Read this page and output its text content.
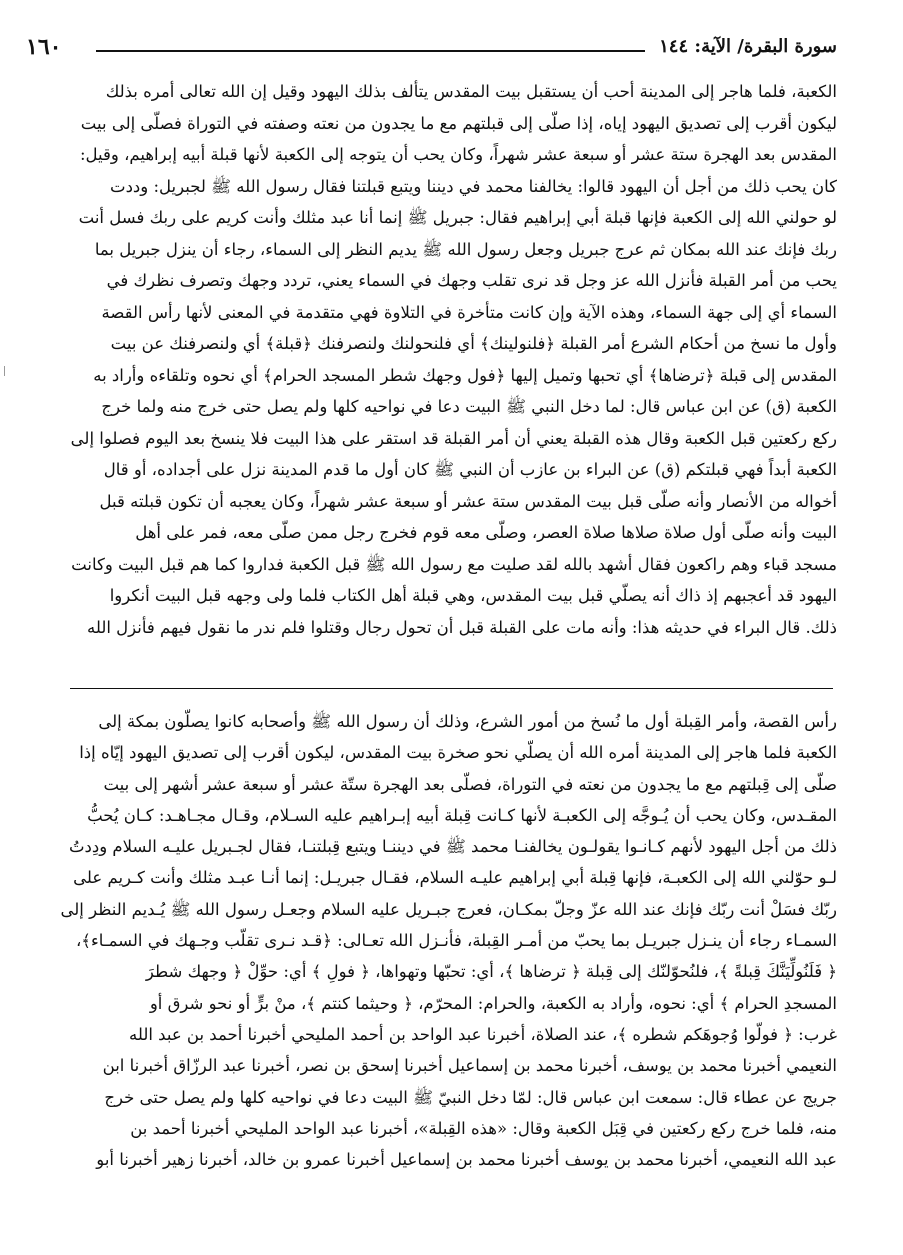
١٦٠	سورة البقرة/ الآية: ١٤٤
الكعبة، فلما هاجر إلى المدينة أحب أن يستقبل بيت المقدس يتألف بذلك اليهود وقيل إن الله تعالى أمره بذلك
ليكون أقرب إلى تصديق اليهود إياه، إذا صلّى إلى قبلتهم مع ما يجدون من نعته وصفته في التوراة فصلّى إلى بيت
المقدس بعد الهجرة ستة عشر أو سبعة عشر شهراً، وكان يحب أن يتوجه إلى الكعبة لأنها قبلة أبيه إبراهيم، وقيل:
كان يحب ذلك من أجل أن اليهود قالوا: يخالفنا محمد في ديننا ويتبع قبلتنا فقال رسول الله ﷺ لجبريل: وددت
لو حولني الله إلى الكعبة فإنها قبلة أبي إبراهيم فقال: جبريل ﷺ إنما أنا عبد مثلك وأنت كريم على ربك فسل أنت
ربك فإنك عند الله بمكان ثم عرج جبريل وجعل رسول الله ﷺ يديم النظر إلى السماء، رجاء أن ينزل جبريل بما
يحب من أمر القبلة فأنزل الله عز وجل قد نرى تقلب وجهك في السماء يعني، تردد وجهك وتصرف نظرك في
السماء أي إلى جهة السماء، وهذه الآية وإن كانت متأخرة في التلاوة فهي متقدمة في المعنى لأنها رأس القصة
وأول ما نسخ من أحكام الشرع أمر القبلة ﴿فلنولينك﴾ أي فلنحولنك ولنصرفنك ﴿قبلة﴾ أي ولنصرفنك عن بيت
المقدس إلى قبلة ﴿ترضاها﴾ أي تحبها وتميل إليها ﴿فول وجهك شطر المسجد الحرام﴾ أي نحوه وتلقاءه وأراد به
الكعبة (ق) عن ابن عباس قال: لما دخل النبي ﷺ البيت دعا في نواحيه كلها ولم يصل حتى خرج منه ولما خرج
ركع ركعتين قبل الكعبة وقال هذه القبلة يعني أن أمر القبلة قد استقر على هذا البيت فلا ينسخ بعد اليوم فصلوا إلى
الكعبة أبداً فهي قبلتكم (ق) عن البراء بن عازب أن النبي ﷺ كان أول ما قدم المدينة نزل على أجداده، أو قال
أخواله من الأنصار وأنه صلّى قبل بيت المقدس ستة عشر أو سبعة عشر شهراً، وكان يعجبه أن تكون قبلته قبل
البيت وأنه صلّى أول صلاة صلاها صلاة العصر، وصلّى معه قوم فخرج رجل ممن صلّى معه، فمر على أهل
مسجد قباء وهم راكعون فقال أشهد بالله لقد صليت مع رسول الله ﷺ قبل الكعبة فداروا كما هم قبل البيت وكانت
اليهود قد أعجبهم إذ ذاك أنه يصلّي قبل بيت المقدس، وهي قبلة أهل الكتاب فلما ولى وجهه قبل البيت أنكروا
ذلك. قال البراء في حديثه هذا: وأنه مات على القبلة قبل أن تحول رجال وقتلوا فلم ندر ما نقول فيهم فأنزل الله
رأس القصة، وأمر القِبلة أول ما نُسخ من أمور الشرع، وذلك أن رسول الله ﷺ وأصحابه كانوا يصلّون بمكة إلى
الكعبة فلما هاجر إلى المدينة أمره الله أن يصلّي نحو صخرة بيت المقدس، ليكون أقرب إلى تصديق اليهود إيّاه إذا
صلّى إلى قِبلتهم مع ما يجدون من نعته في التوراة، فصلّى بعد الهجرة ستّة عشر أو سبعة عشر أشهر إلى بيت
المقـدس، وكان يحب أن يُـوجَّه إلى الكعبـة لأنها كـانت قِبلة أبيه إبـراهيم عليه السـلام، وقـال مجـاهـد: كـان يُحبُّ
ذلك من أجل اليهود لأنهم كـانـوا يقولـون يخالفنـا محمد ﷺ في ديننـا ويتبع قِبلتنـا، فقال لجـبريل عليـه السلام ودِدتُ
لـو حوّلني الله إلى الكعبـة، فإنها قِبلة أبي إبراهيم عليـه السلام، فقـال جبريـل: إنما أنـا عبـد مثلك وأنت كـريم على
ربّك فسَلْ أنت ربّك فإنك عند الله عزّ وجلّ بمكـان، فعرج جبـريل عليه السلام وجعـل رسول الله ﷺ يُـديم النظر إلى
السمـاء رجاء أن ينـزل جبريـل بما يحبّ من أمـر القِبلة، فأنـزل الله تعـالى: ﴿قـد نـرى تقلّب وجـهك في السمـاء﴾،
﴿ فَلَنُولِّيَنَّكَ قِبلةً ﴾، فلنُحوّلنّك إلى قِبلة ﴿ ترضاها ﴾، أي: تحبّها وتهواها، ﴿ فولِ ﴾ أي: حوِّلْ ﴿ وجهك شطرَ
المسجدِ الحرام ﴾ أي: نحوه، وأراد به الكعبة، والحرام: المحرّم، ﴿ وحيثما كنتم ﴾، منْ برٍّ أو نحو شرق أو
غرب: ﴿ فولّوا وُجوهَكم شطره ﴾، عند الصلاة، أخبرنا عبد الواحد بن أحمد المليحي أخبرنا أحمد بن عبد الله
النعيمي أخبرنا محمد بن يوسف، أخبرنا محمد بن إسماعيل أخبرنا إسحق بن نصر، أخبرنا عبد الرزّاق أخبرنا ابن
جريج عن عطاء قال: سمعت ابن عباس قال: لمّا دخل النبيّ ﷺ البيت دعا في نواحيه كلها ولم يصل حتى خرج
منه، فلما خرج ركع ركعتين في قِبَل الكعبة وقال: «هذه القِبلة»، أخبرنا عبد الواحد المليحي أخبرنا أحمد بن
عبد الله النعيمي، أخبرنا محمد بن يوسف أخبرنا محمد بن إسماعيل أخبرنا عمرو بن خالد، أخبرنا زهير أخبرنا أبو
